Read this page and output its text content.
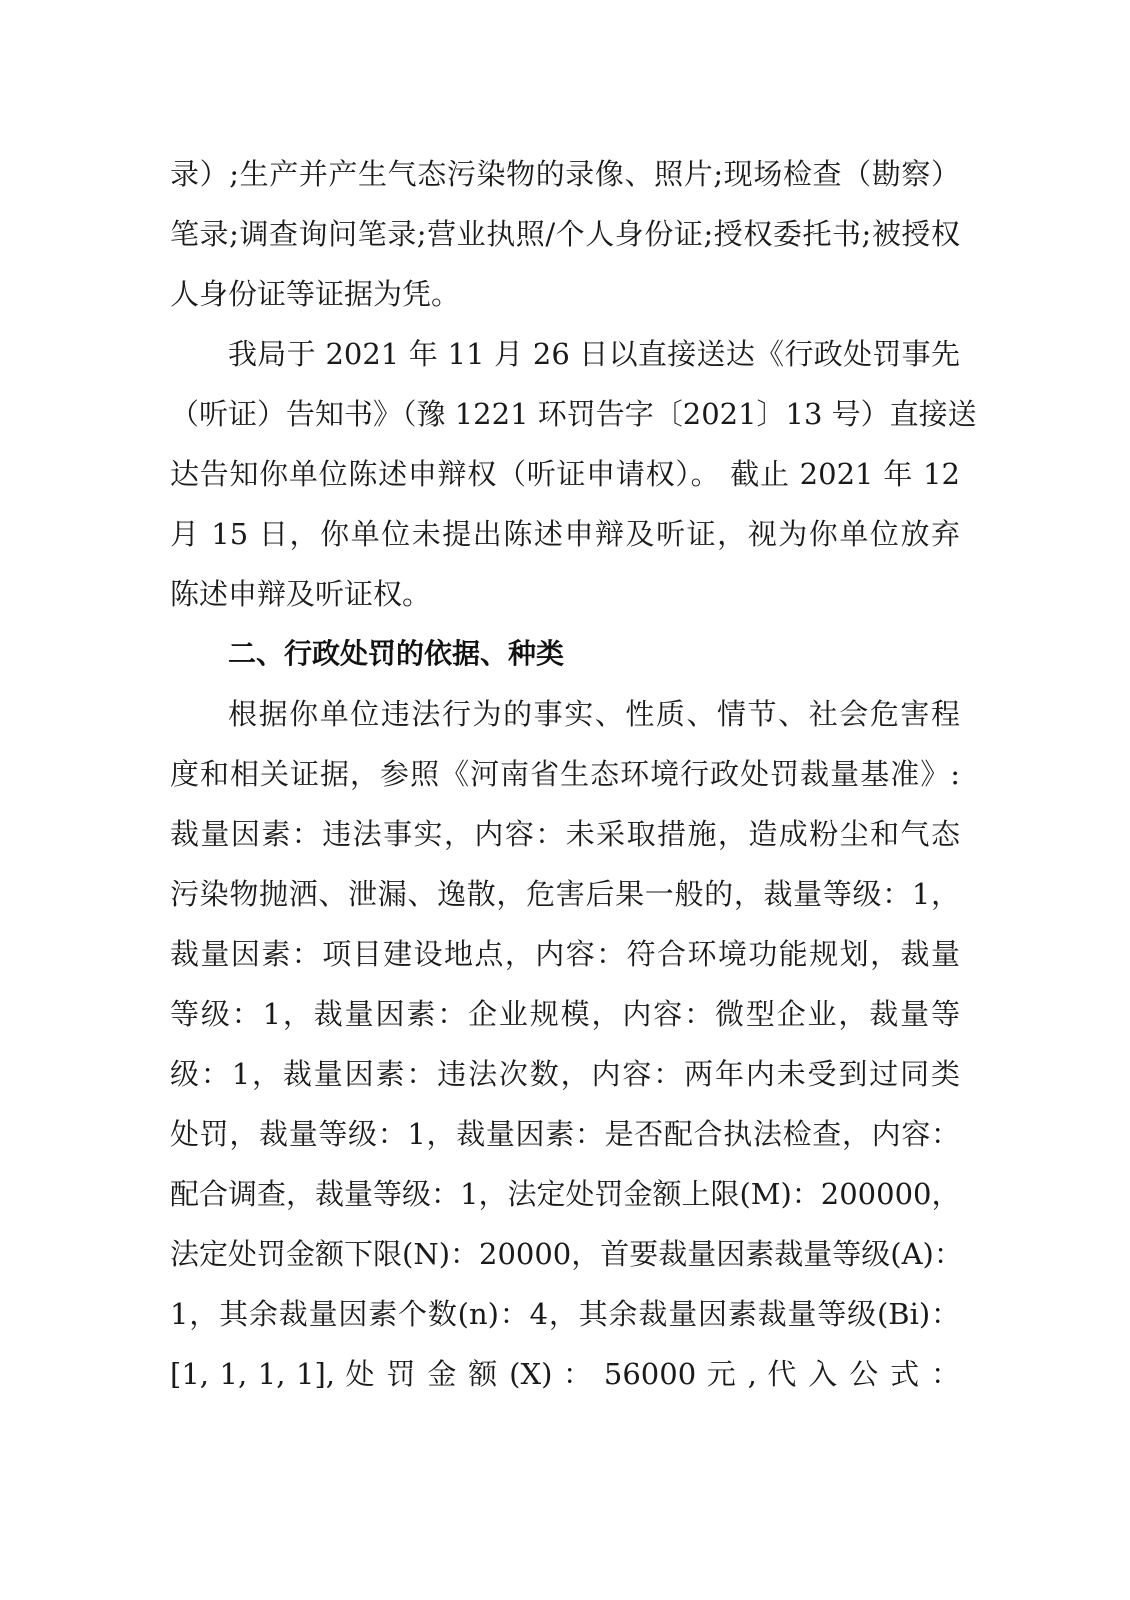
录）;生产并产生气态污染物的录像、照片;现场检查（勘察）
笔录;调查询问笔录;营业执照/个人身份证;授权委托书;被授权
人身份证等证据为凭。
我局于 2021 年 11 月 26 日以直接送达《行政处罚事先
（听证）告知书》（豫 1221 环罚告字〔2021〕13 号）直接送
达告知你单位陈述申辩权（听证申请权）。 截止 2021 年 12
月 15 日，你单位未提出陈述申辩及听证，视为你单位放弃
陈述申辩及听证权。
二、行政处罚的依据、种类
根据你单位违法行为的事实、性质、情节、社会危害程
度和相关证据，参照《河南省生态环境行政处罚裁量基准》:
裁量因素：违法事实，内容：未采取措施，造成粉尘和气态
污染物抛洒、泄漏、逸散，危害后果一般的，裁量等级：1，
裁量因素：项目建设地点，内容：符合环境功能规划，裁量
等级：1，裁量因素：企业规模，内容：微型企业，裁量等
级：1，裁量因素：违法次数，内容：两年内未受到过同类
处罚，裁量等级：1，裁量因素：是否配合执法检查，内容：
配合调查，裁量等级：1，法定处罚金额上限(M)：200000，
法定处罚金额下限(N)：20000，首要裁量因素裁量等级(A)：
1，其余裁量因素个数(n)：4，其余裁量因素裁量等级(Bi)：
[1, 1, 1, 1], 处 罚 金 额 (X) ： 56000 元 , 代 入 公 式 ：
